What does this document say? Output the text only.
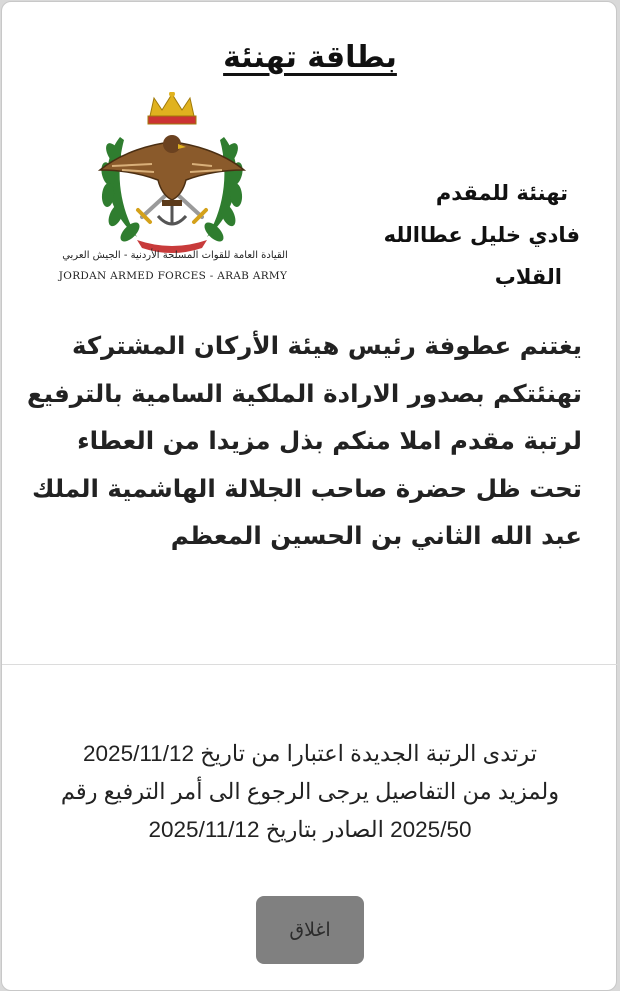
بطاقة تهنئة
القيادة العامة للقوات المسلحة الأردنية - الجيش العربي
JORDAN ARMED FORCES - ARAB ARMY
تهنئة للمقدم
فادي خليل عطاالله
القلاب
يغتنم عطوفة رئيس هيئة الأركان المشتركة
تهنئتكم بصدور الارادة الملكية السامية بالترفيع
لرتبة مقدم املا منكم بذل مزيدا من العطاء
تحت ظل حضرة صاحب الجلالة الهاشمية الملك
عبد الله الثاني بن الحسين المعظم
ترتدى الرتبة الجديدة اعتبارا من تاريخ 2025/11/12
ولمزيد من التفاصيل يرجى الرجوع الى أمر الترفيع رقم
2025/50 الصادر بتاريخ 2025/11/12
اغلاق
